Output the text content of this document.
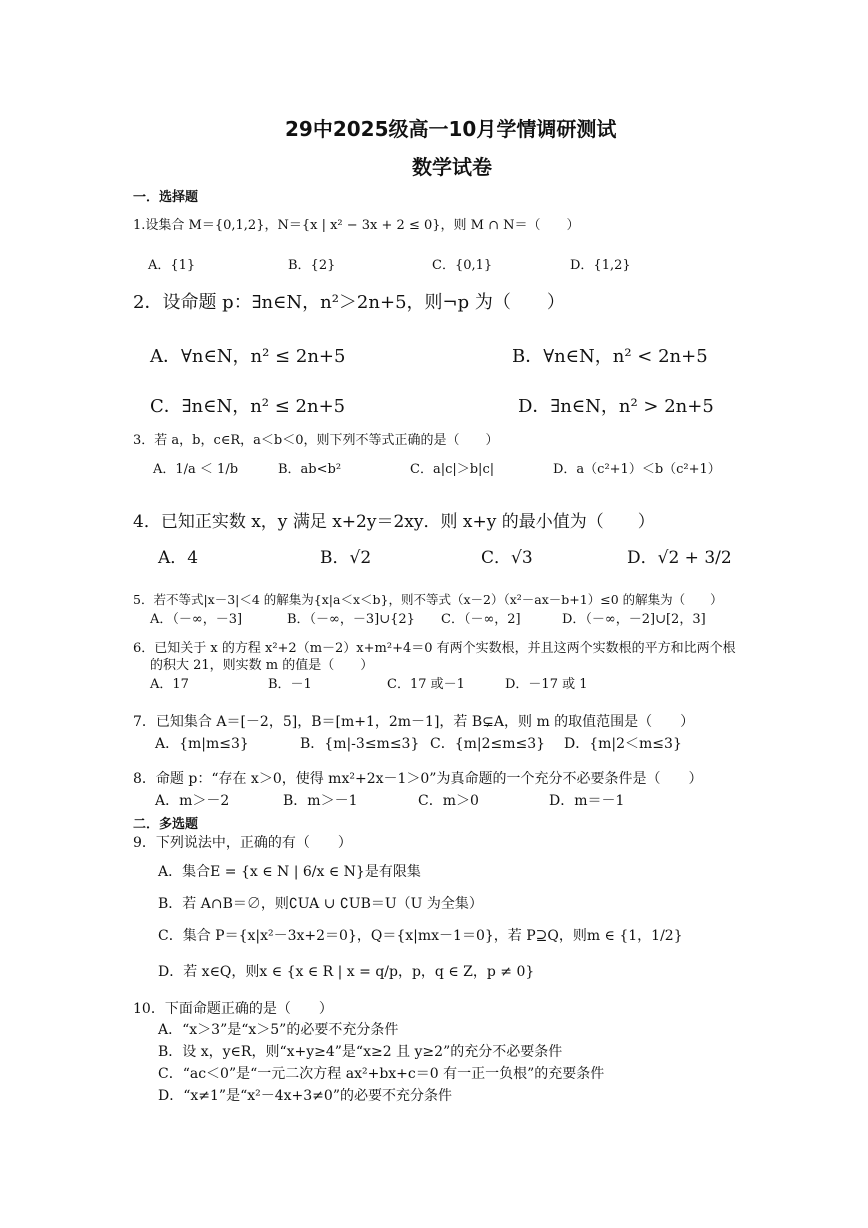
29中2025级高一10月学情调研测试
数学试卷
一．选择题
1.设集合 M＝{0,1,2}，N＝{x | x² − 3x + 2 ≤ 0}，则 M ∩ N＝（　　）
A．{1}	B．{2}	C．{0,1}	D．{1,2}
2．设命题 p：∃n∈N，n²＞2n+5，则¬p 为（　　）
A．∀n∈N，n² ≤ 2n+5	B．∀n∈N，n² < 2n+5
C．∃n∈N，n² ≤ 2n+5	D．∃n∈N，n² > 2n+5
3．若 a，b，c∈R，a＜b＜0，则下列不等式正确的是（　　）
A．1/a ＜ 1/b	B．ab<b²	C．a|c|＞b|c|	D．a（c²+1）＜b（c²+1）
4．已知正实数 x，y 满足 x+2y＝2xy．则 x+y 的最小值为（　　）
A．4	B．√2	C．√3	D．√2 + 3/2
5．若不等式|x－3|＜4 的解集为{x|a＜x＜b}，则不等式（x－2）（x²－ax－b+1）≤0 的解集为（　　）
A．（－∞，－3]	B．（－∞，－3]∪{2} C．（－∞，2]	D．（－∞，－2]∪[2，3]
6．已知关于 x 的方程 x²+2（m－2）x+m²+4＝0 有两个实数根，并且这两个实数根的平方和比两个根
的积大 21，则实数 m 的值是（　　）
A．17	B．－1	C．17 或－1	D．－17 或 1
7．已知集合 A＝[－2，5]，B＝[m+1，2m－1]，若 B⊊A，则 m 的取值范围是（　　）
A．{m|m≤3}	B．{m|-3≤m≤3} C．{m|2≤m≤3} D．{m|2＜m≤3}
8．命题 p：“存在 x＞0，使得 mx²+2x－1＞0”为真命题的一个充分不必要条件是（　　）
A．m＞－2	B．m＞－1	C．m＞0	D．m＝－1
二．多选题
9．下列说法中，正确的有（　　）
A．集合E = {x ∈ N | 6/x ∈ N}是有限集
B．若 A∩B＝∅，则∁UA ∪ ∁UB＝U（U 为全集）
C．集合 P＝{x|x²－3x+2＝0}，Q＝{x|mx－1＝0}，若 P⊇Q，则m ∈ {1，1/2}
D．若 x∈Q，则x ∈ {x ∈ R | x = q/p，p，q ∈ Z，p ≠ 0}
10．下面命题正确的是（　　）
A．“x＞3”是“x＞5”的必要不充分条件
B．设 x，y∈R，则“x+y≥4”是“x≥2 且 y≥2”的充分不必要条件
C．“ac＜0”是“一元二次方程 ax²+bx+c＝0 有一正一负根”的充要条件
D．“x≠1”是“x²－4x+3≠0”的必要不充分条件
